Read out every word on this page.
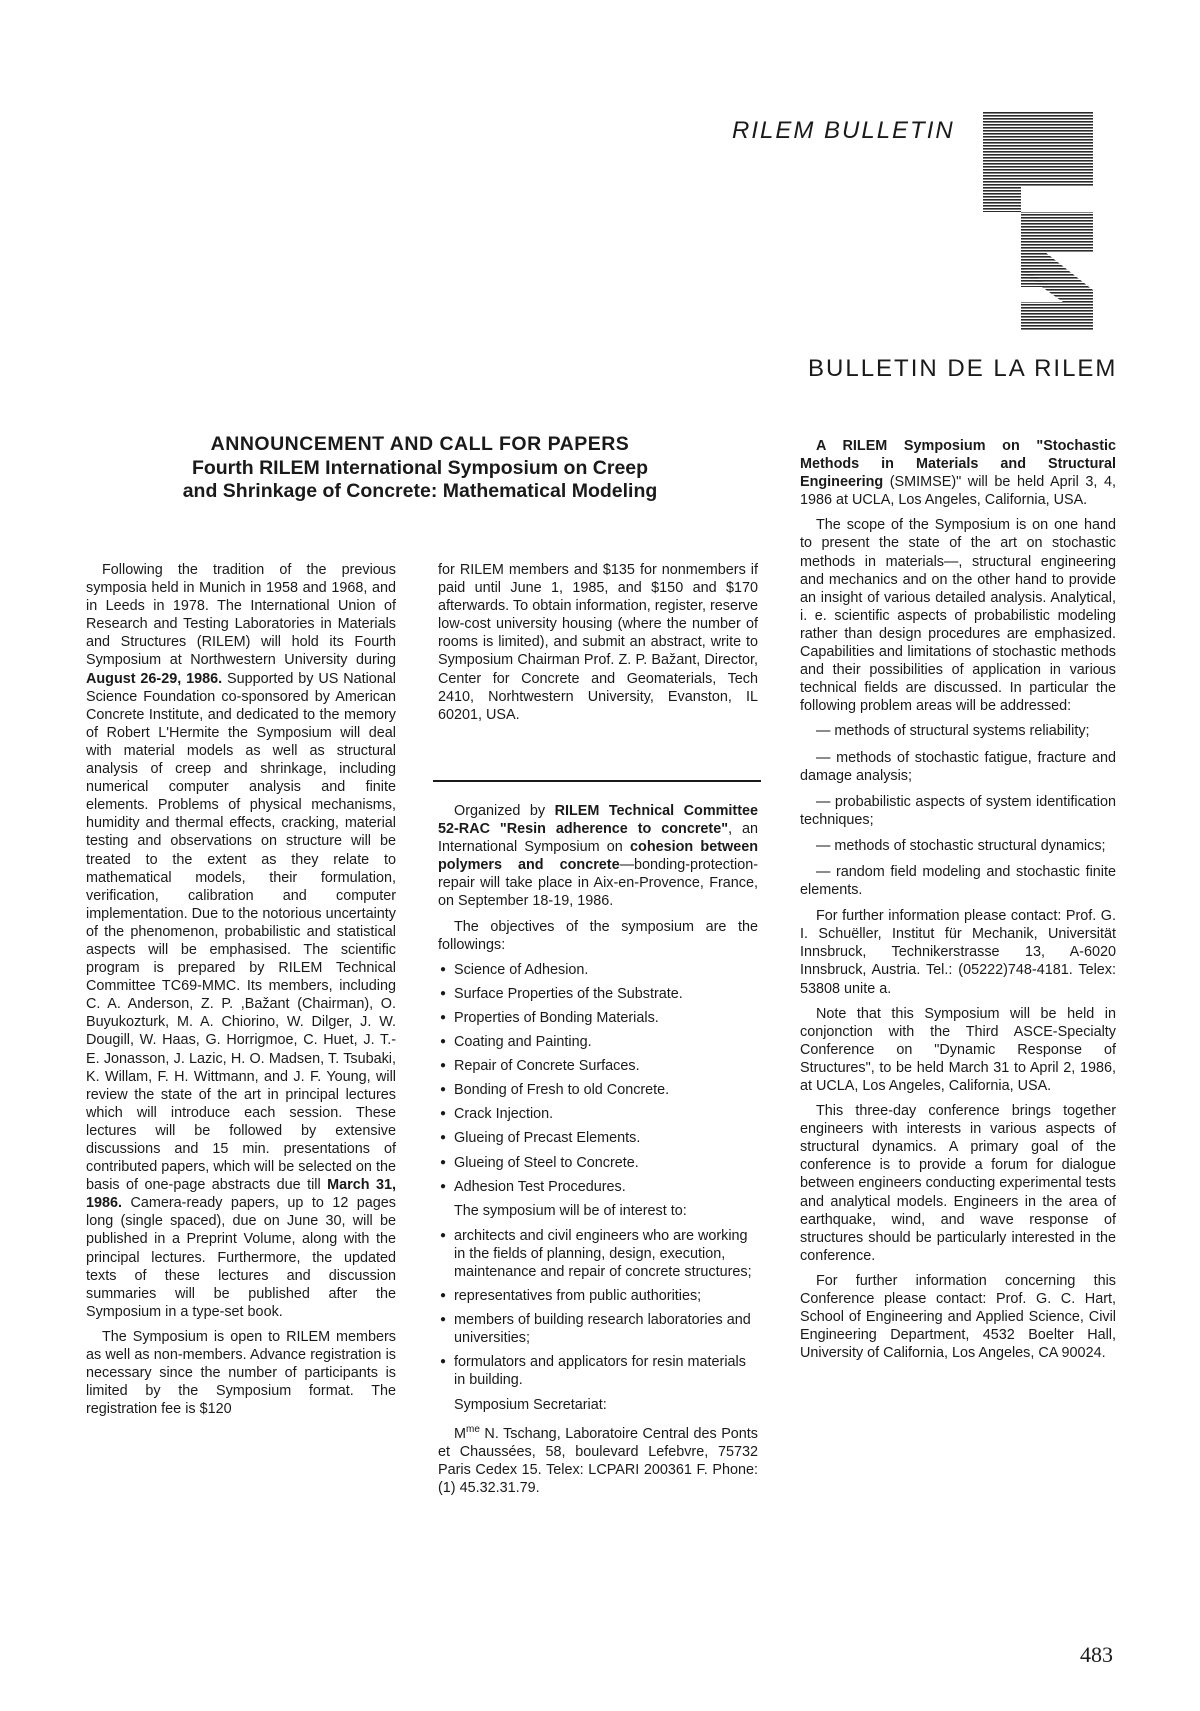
RILEM BULLETIN
BULLETIN DE LA RILEM
ANNOUNCEMENT AND CALL FOR PAPERS
Fourth RILEM International Symposium on Creep
and Shrinkage of Concrete: Mathematical Modeling

Following the tradition of the previous symposia held in Munich in 1958 and 1968, and in Leeds in 1978. The International Union of Research and Testing Laboratories in Materials and Structures (RILEM) will hold its Fourth Symposium at Northwestern University during August 26-29, 1986. Supported by US National Science Foundation co-sponsored by American Concrete Institute, and dedicated to the memory of Robert L'Hermite the Symposium will deal with material models as well as structural analysis of creep and shrinkage, including numerical computer analysis and finite elements. Problems of physical mechanisms, humidity and thermal effects, cracking, material testing and observations on structure will be treated to the extent as they relate to mathematical models, their formulation, verification, calibration and computer implementation. Due to the notorious uncertainty of the phenomenon, probabilistic and statistical aspects will be emphasised. The scientific program is prepared by RILEM Technical Committee TC69-MMC. Its members, including C. A. Anderson, Z. P. ,Bažant (Chairman), O. Buyukozturk, M. A. Chiorino, W. Dilger, J. W. Dougill, W. Haas, G. Horrigmoe, C. Huet, J. T.-E. Jonasson, J. Lazic, H. O. Madsen, T. Tsubaki, K. Willam, F. H. Wittmann, and J. F. Young, will review the state of the art in principal lectures which will introduce each session. These lectures will be followed by extensive discussions and 15 min. presentations of contributed papers, which will be selected on the basis of one-page abstracts due till March 31, 1986. Camera-ready papers, up to 12 pages long (single spaced), due on June 30, will be published in a Preprint Volume, along with the principal lectures. Furthermore, the updated texts of these lectures and discussion summaries will be published after the Symposium in a type-set book.

The Symposium is open to RILEM members as well as non-members. Advance registration is necessary since the number of participants is limited by the Symposium format. The registration fee is $120

for RILEM members and $135 for nonmembers if paid until June 1, 1985, and $150 and $170 afterwards. To obtain information, register, reserve low-cost university housing (where the number of rooms is limited), and submit an abstract, write to Symposium Chairman Prof. Z. P. Bažant, Director, Center for Concrete and Geomaterials, Tech 2410, Norhtwestern University, Evanston, IL 60201, USA.

Organized by RILEM Technical Committee 52-RAC "Resin adherence to concrete", an International Symposium on cohesion between polymers and concrete—bonding-protection-repair will take place in Aix-en-Provence, France, on September 18-19, 1986.

The objectives of the symposium are the followings:

● Science of Adhesion.
● Surface Properties of the Substrate.
● Properties of Bonding Materials.
● Coating and Painting.
● Repair of Concrete Surfaces.
● Bonding of Fresh to old Concrete.
● Crack Injection.
● Glueing of Precast Elements.
● Glueing of Steel to Concrete.
● Adhesion Test Procedures.

The symposium will be of interest to:

● architects and civil engineers who are working in the fields of planning, design, execution, maintenance and repair of concrete structures;
● representatives from public authorities;
● members of building research laboratories and universities;
● formulators and applicators for resin materials in building.

Symposium Secretariat:

$M^{me}$ N. Tschang, Laboratoire Central des Ponts et Chaussées, 58, boulevard Lefebvre, 75732 Paris Cedex 15. Telex: LCPARI 200361 F. Phone: (1) 45.32.31.79.

A RILEM Symposium on "Stochastic Methods in Materials and Structural Engineering (SMIMSE)" will be held April 3, 4, 1986 at UCLA, Los Angeles, California, USA.

The scope of the Symposium is on one hand to present the state of the art on stochastic methods in materials—, structural engineering and mechanics and on the other hand to provide an insight of various detailed analysis. Analytical, i. e. scientific aspects of probabilistic modeling rather than design procedures are emphasized. Capabilities and limitations of stochastic methods and their possibilities of application in various technical fields are discussed. In particular the following problem areas will be addressed:

— methods of structural systems reliability;
— methods of stochastic fatigue, fracture and damage analysis;
— probabilistic aspects of system identification techniques;
— methods of stochastic structural dynamics;
— random field modeling and stochastic finite elements.

For further information please contact: Prof. G. I. Schuëller, Institut für Mechanik, Universität Innsbruck, Technikerstrasse 13, A-6020 Innsbruck, Austria. Tel.: (05222)748-4181. Telex: 53808 unite a.

Note that this Symposium will be held in conjonction with the Third ASCE-Specialty Conference on "Dynamic Response of Structures", to be held March 31 to April 2, 1986, at UCLA, Los Angeles, California, USA.

This three-day conference brings together engineers with interests in various aspects of structural dynamics. A primary goal of the conference is to provide a forum for dialogue between engineers conducting experimental tests and analytical models. Engineers in the area of earthquake, wind, and wave response of structures should be particularly interested in the conference.

For further information concerning this Conference please contact: Prof. G. C. Hart, School of Engineering and Applied Science, Civil Engineering Department, 4532 Boelter Hall, University of California, Los Angeles, CA 90024.

483
